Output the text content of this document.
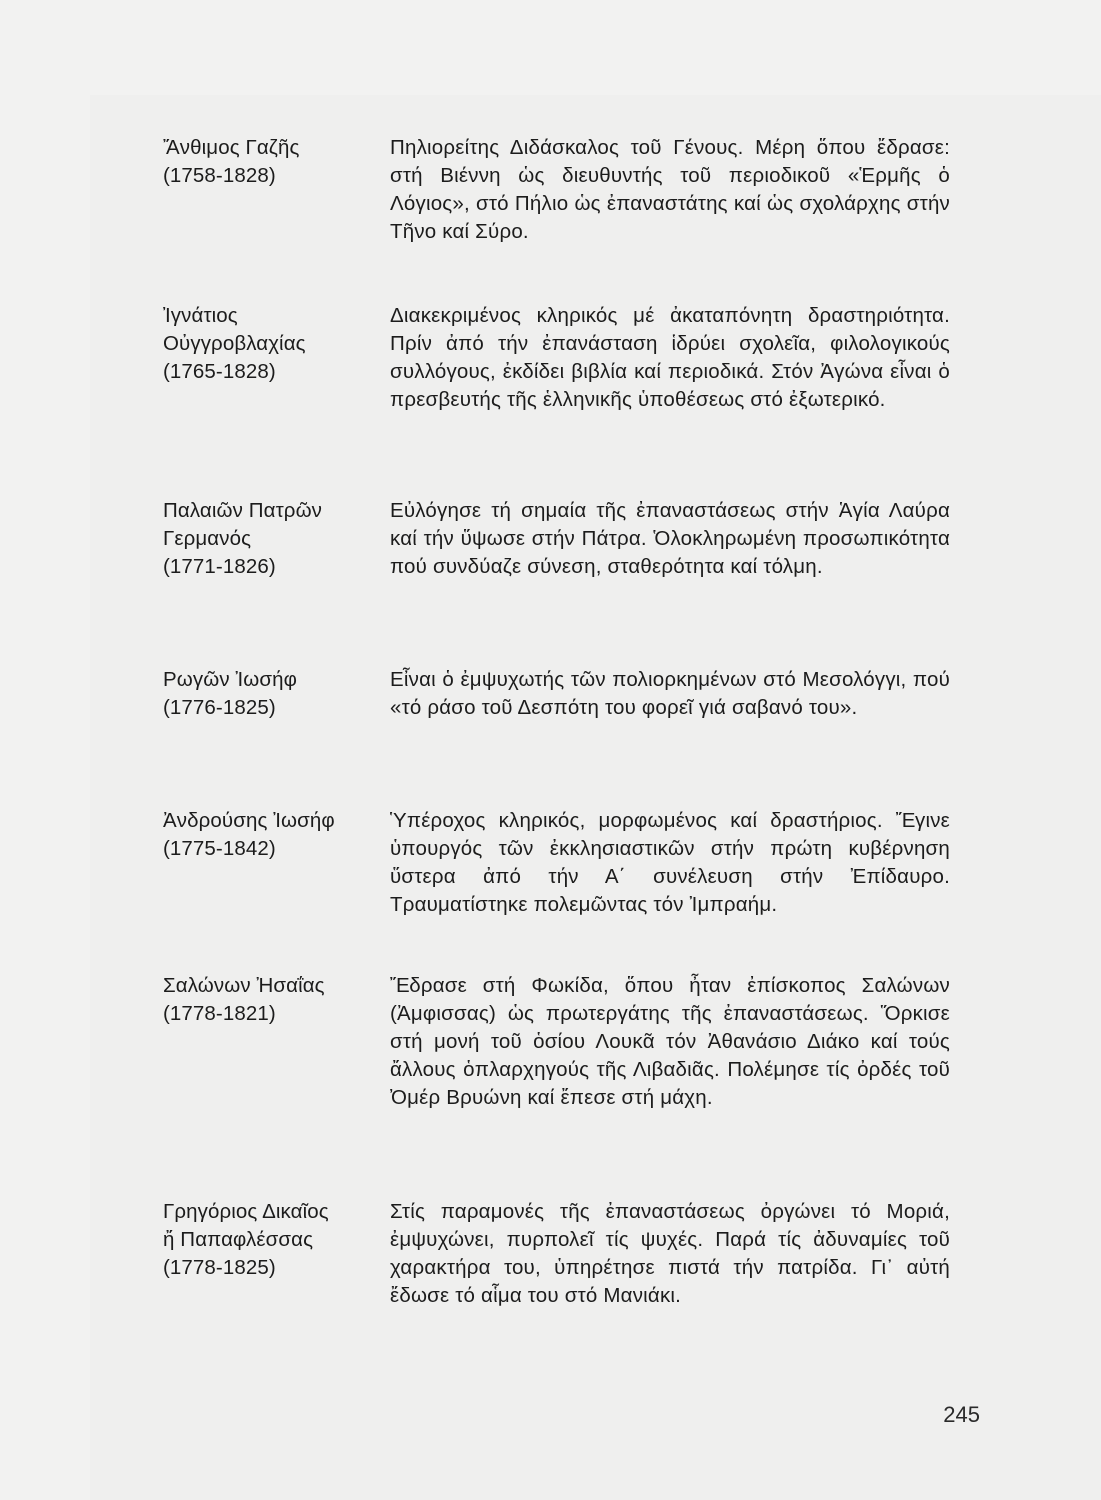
Ἄνθιμος Γαζῆς
(1758-1828)
Πηλιορείτης Διδάσκαλος τοῦ Γένους. Μέρη ὅπου ἔδρασε: στή Βιέννη ὡς διευθυντής τοῦ περιοδικοῦ «Ἑρμῆς ὁ Λόγιος», στό Πήλιο ὡς ἐπαναστάτης καί ὡς σχολάρχης στήν Τῆνο καί Σύρο.
Ἰγνάτιος
Οὐγγροβλαχίας
(1765-1828)
Διακεκριμένος κληρικός μέ ἀκαταπόνητη δραστηριότητα. Πρίν ἀπό τήν ἐπανάσταση ἱδρύει σχολεῖα, φιλολογικούς συλλόγους, ἐκδίδει βιβλία καί περιοδικά. Στόν Ἀγώνα εἶναι ὁ πρεσβευτής τῆς ἑλληνικῆς ὑποθέσεως στό ἐξωτερικό.
Παλαιῶν Πατρῶν
Γερμανός
(1771-1826)
Εὐλόγησε τή σημαία τῆς ἐπαναστάσεως στήν Ἁγία Λαύρα καί τήν ὕψωσε στήν Πάτρα. Ὁλοκληρωμένη προσωπικότητα πού συνδύαζε σύνεση, σταθερότητα καί τόλμη.
Ρωγῶν Ἰωσήφ
(1776-1825)
Εἶναι ὁ ἐμψυχωτής τῶν πολιορκημένων στό Μεσολόγγι, πού «τό ράσο τοῦ Δεσπότη του φορεῖ γιά σαβανό του».
Ἀνδρούσης Ἰωσήφ
(1775-1842)
Ὑπέροχος κληρικός, μορφωμένος καί δραστήριος. Ἔγινε ὑπουργός τῶν ἐκκλησιαστικῶν στήν πρώτη κυβέρνηση ὕστερα ἀπό τήν Α΄ συνέλευση στήν Ἐπίδαυρο. Τραυματίστηκε πολεμῶντας τόν Ἰμπραήμ.
Σαλώνων Ἠσαΐας
(1778-1821)
Ἔδρασε στή Φωκίδα, ὅπου ἦταν ἐπίσκοπος Σαλώνων (Ἀμφισσας) ὡς πρωτεργάτης τῆς ἐπαναστάσεως. Ὅρκισε στή μονή τοῦ ὁσίου Λουκᾶ τόν Ἀθανάσιο Διάκο καί τούς ἄλλους ὁπλαρχηγούς τῆς Λιβαδιᾶς. Πολέμησε τίς ὀρδές τοῦ Ὀμέρ Βρυώνη καί ἔπεσε στή μάχη.
Γρηγόριος Δικαῖος
ἤ Παπαφλέσσας
(1778-1825)
Στίς παραμονές τῆς ἐπαναστάσεως ὀργώνει τό Μοριά, ἐμψυχώνει, πυρπολεῖ τίς ψυχές. Παρά τίς ἀδυναμίες τοῦ χαρακτήρα του, ὑπηρέτησε πιστά τήν πατρίδα. Γι᾽ αὐτή ἔδωσε τό αἷμα του στό Μανιάκι.
245
